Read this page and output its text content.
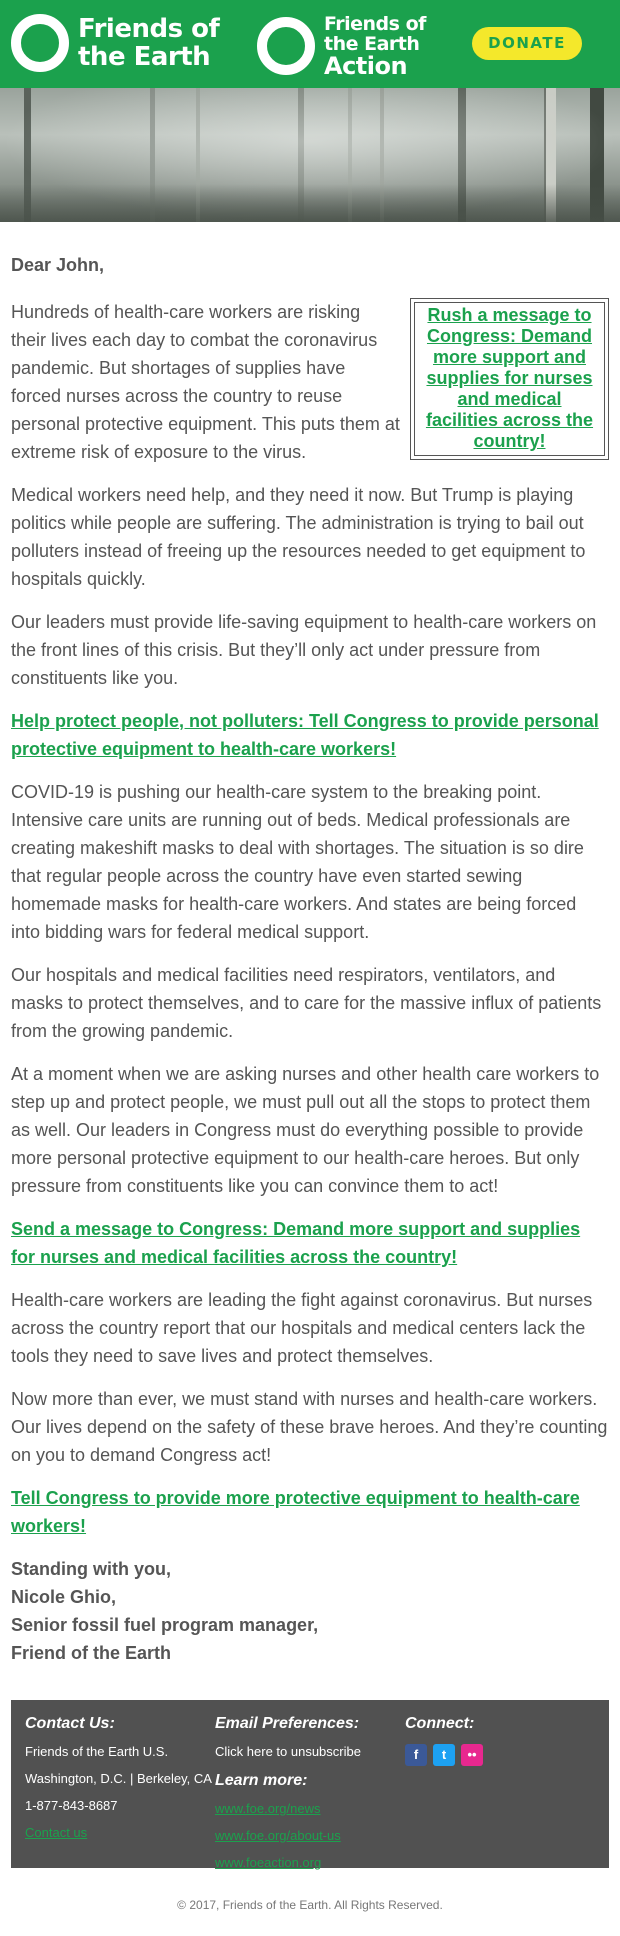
Friends of
the Earth
Friends of
the Earth
Action
DONATE
Dear John,
Rush a message to Congress: Demand more support and supplies for nurses and medical facilities across the country!

Hundreds of health-care workers are risking their lives each day to combat the coronavirus pandemic. But shortages of supplies have forced nurses across the country to reuse personal protective equipment. This puts them at extreme risk of exposure to the virus.

Medical workers need help, and they need it now. But Trump is playing politics while people are suffering. The administration is trying to bail out polluters instead of freeing up the resources needed to get equipment to hospitals quickly.

Our leaders must provide life-saving equipment to health-care workers on the front lines of this crisis. But they’ll only act under pressure from constituents like you.

Help protect people, not polluters: Tell Congress to provide personal protective equipment to health-care workers!

COVID-19 is pushing our health-care system to the breaking point. Intensive care units are running out of beds. Medical professionals are creating makeshift masks to deal with shortages. The situation is so dire that regular people across the country have even started sewing homemade masks for health-care workers. And states are being forced into bidding wars for federal medical support.

Our hospitals and medical facilities need respirators, ventilators, and masks to protect themselves, and to care for the massive influx of patients from the growing pandemic.

At a moment when we are asking nurses and other health care workers to step up and protect people, we must pull out all the stops to protect them as well. Our leaders in Congress must do everything possible to provide more personal protective equipment to our health-care heroes. But only pressure from constituents like you can convince them to act!

Send a message to Congress: Demand more support and supplies for nurses and medical facilities across the country!

Health-care workers are leading the fight against coronavirus. But nurses across the country report that our hospitals and medical centers lack the tools they need to save lives and protect themselves.

Now more than ever, we must stand with nurses and health-care workers. Our lives depend on the safety of these brave heroes. And they’re counting on you to demand Congress act!

Tell Congress to provide more protective equipment to health-care workers!

Standing with you,
Nicole Ghio,
Senior fossil fuel program manager,
Friend of the Earth
Contact Us:
Friends of the Earth U.S.
Washington, D.C. | Berkeley, CA
1-877-843-8687
Contact us
Email Preferences:
Click here to unsubscribe
Learn more:
www.foe.org/news
www.foe.org/about-us
www.foeaction.org
Connect:
f	t	••
© 2017, Friends of the Earth. All Rights Reserved.
